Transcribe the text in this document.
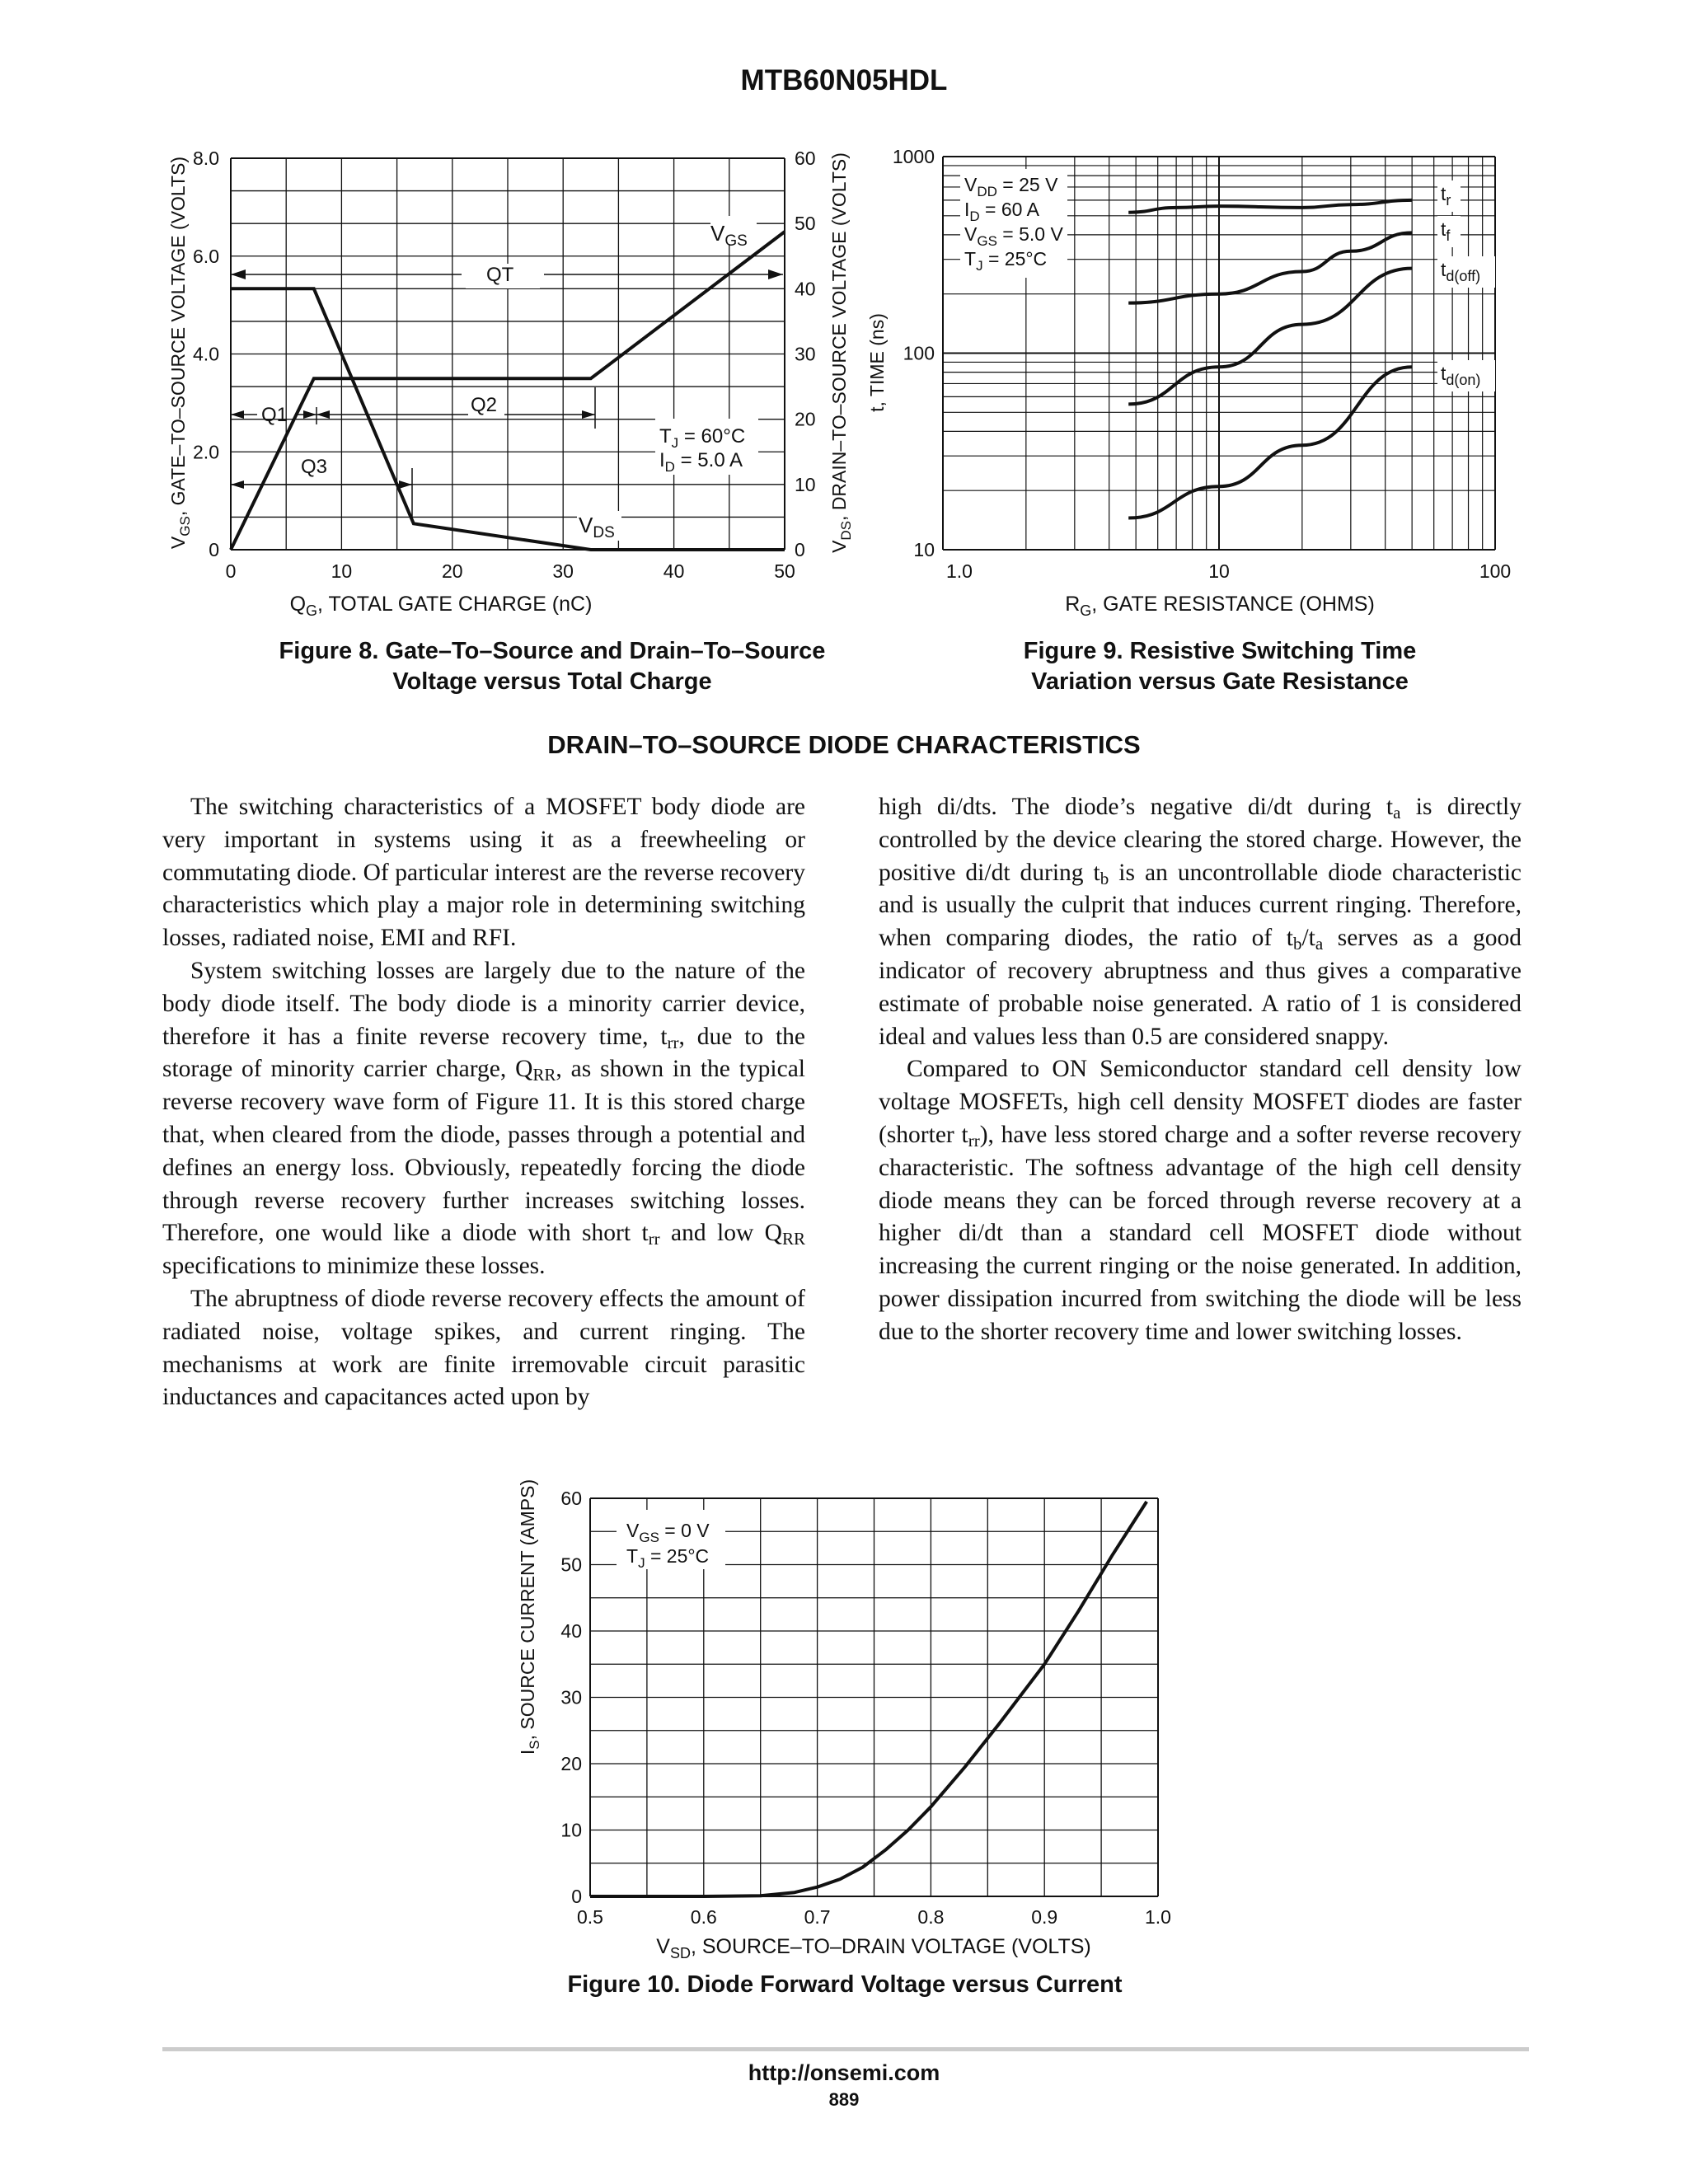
MTB60N05HDL
0	10	20	30	40	50
0
2.0
4.0
6.0
8.0
0
10
20
30
40
50
60
QT
Q1	Q2
Q3
$V_{GS}$
$V_{DS}$
$T_J = 60^\circ C$
$I_D = 5.0$ A
$Q_G$, TOTAL GATE CHARGE (nC)
$V_{GS}$, GATE–TO–SOURCE VOLTAGE (VOLTS)
$V_{DS}$, DRAIN–TO–SOURCE VOLTAGE (VOLTS)
1.0	10	100
10
100
1000
$t_r$
$t_f$
$t_{d(off)}$
$t_{d(on)}$
$V_{DD} = 25$ V
$I_D = 60$ A
$V_{GS} = 5.0$ V
$T_J = 25^\circ C$
$R_G$, GATE RESISTANCE (OHMS)
t, TIME (ns)
Figure 8. Gate–To–Source and Drain–To–Source
Voltage versus Total Charge
Figure 9. Resistive Switching Time
Variation versus Gate Resistance
DRAIN–TO–SOURCE DIODE CHARACTERISTICS

The switching characteristics of a MOSFET body diode are very important in systems using it as a freewheeling or commutating diode. Of particular interest are the reverse recovery characteristics which play a major role in determining switching losses, radiated noise, EMI and RFI.

System switching losses are largely due to the nature of the body diode itself. The body diode is a minority carrier device, therefore it has a finite reverse recovery time, $t_{rr}$, due to the storage of minority carrier charge, $Q_{RR}$, as shown in the typical reverse recovery wave form of Figure 11. It is this stored charge that, when cleared from the diode, passes through a potential and defines an energy loss. Obviously, repeatedly forcing the diode through reverse recovery further increases switching losses. Therefore, one would like a diode with short $t_{rr}$ and low $Q_{RR}$ specifications to minimize these losses.

The abruptness of diode reverse recovery effects the amount of radiated noise, voltage spikes, and current ringing. The mechanisms at work are finite irremovable circuit parasitic inductances and capacitances acted upon by

high di/dts. The diode’s negative di/dt during $t_a$ is directly controlled by the device clearing the stored charge. However, the positive di/dt during $t_b$ is an uncontrollable diode characteristic and is usually the culprit that induces current ringing. Therefore, when comparing diodes, the ratio of $t_b/t_a$ serves as a good indicator of recovery abruptness and thus gives a comparative estimate of probable noise generated. A ratio of 1 is considered ideal and values less than 0.5 are considered snappy.

Compared to ON Semiconductor standard cell density low voltage MOSFETs, high cell density MOSFET diodes are faster (shorter $t_{rr}$), have less stored charge and a softer reverse recovery characteristic. The softness advantage of the high cell density diode means they can be forced through reverse recovery at a higher di/dt than a standard cell MOSFET diode without increasing the current ringing or the noise generated. In addition, power dissipation incurred from switching the diode will be less due to the shorter recovery time and lower switching losses.

0.5	0.6	0.7	0.8	0.9	1.0
0
10
20
30
40
50
60
$V_{GS} = 0$ V
$T_J = 25^\circ C$
$V_{SD}$, SOURCE–TO–DRAIN VOLTAGE (VOLTS)
$I_S$, SOURCE CURRENT (AMPS)
Figure 10. Diode Forward Voltage versus Current
http://onsemi.com
889
